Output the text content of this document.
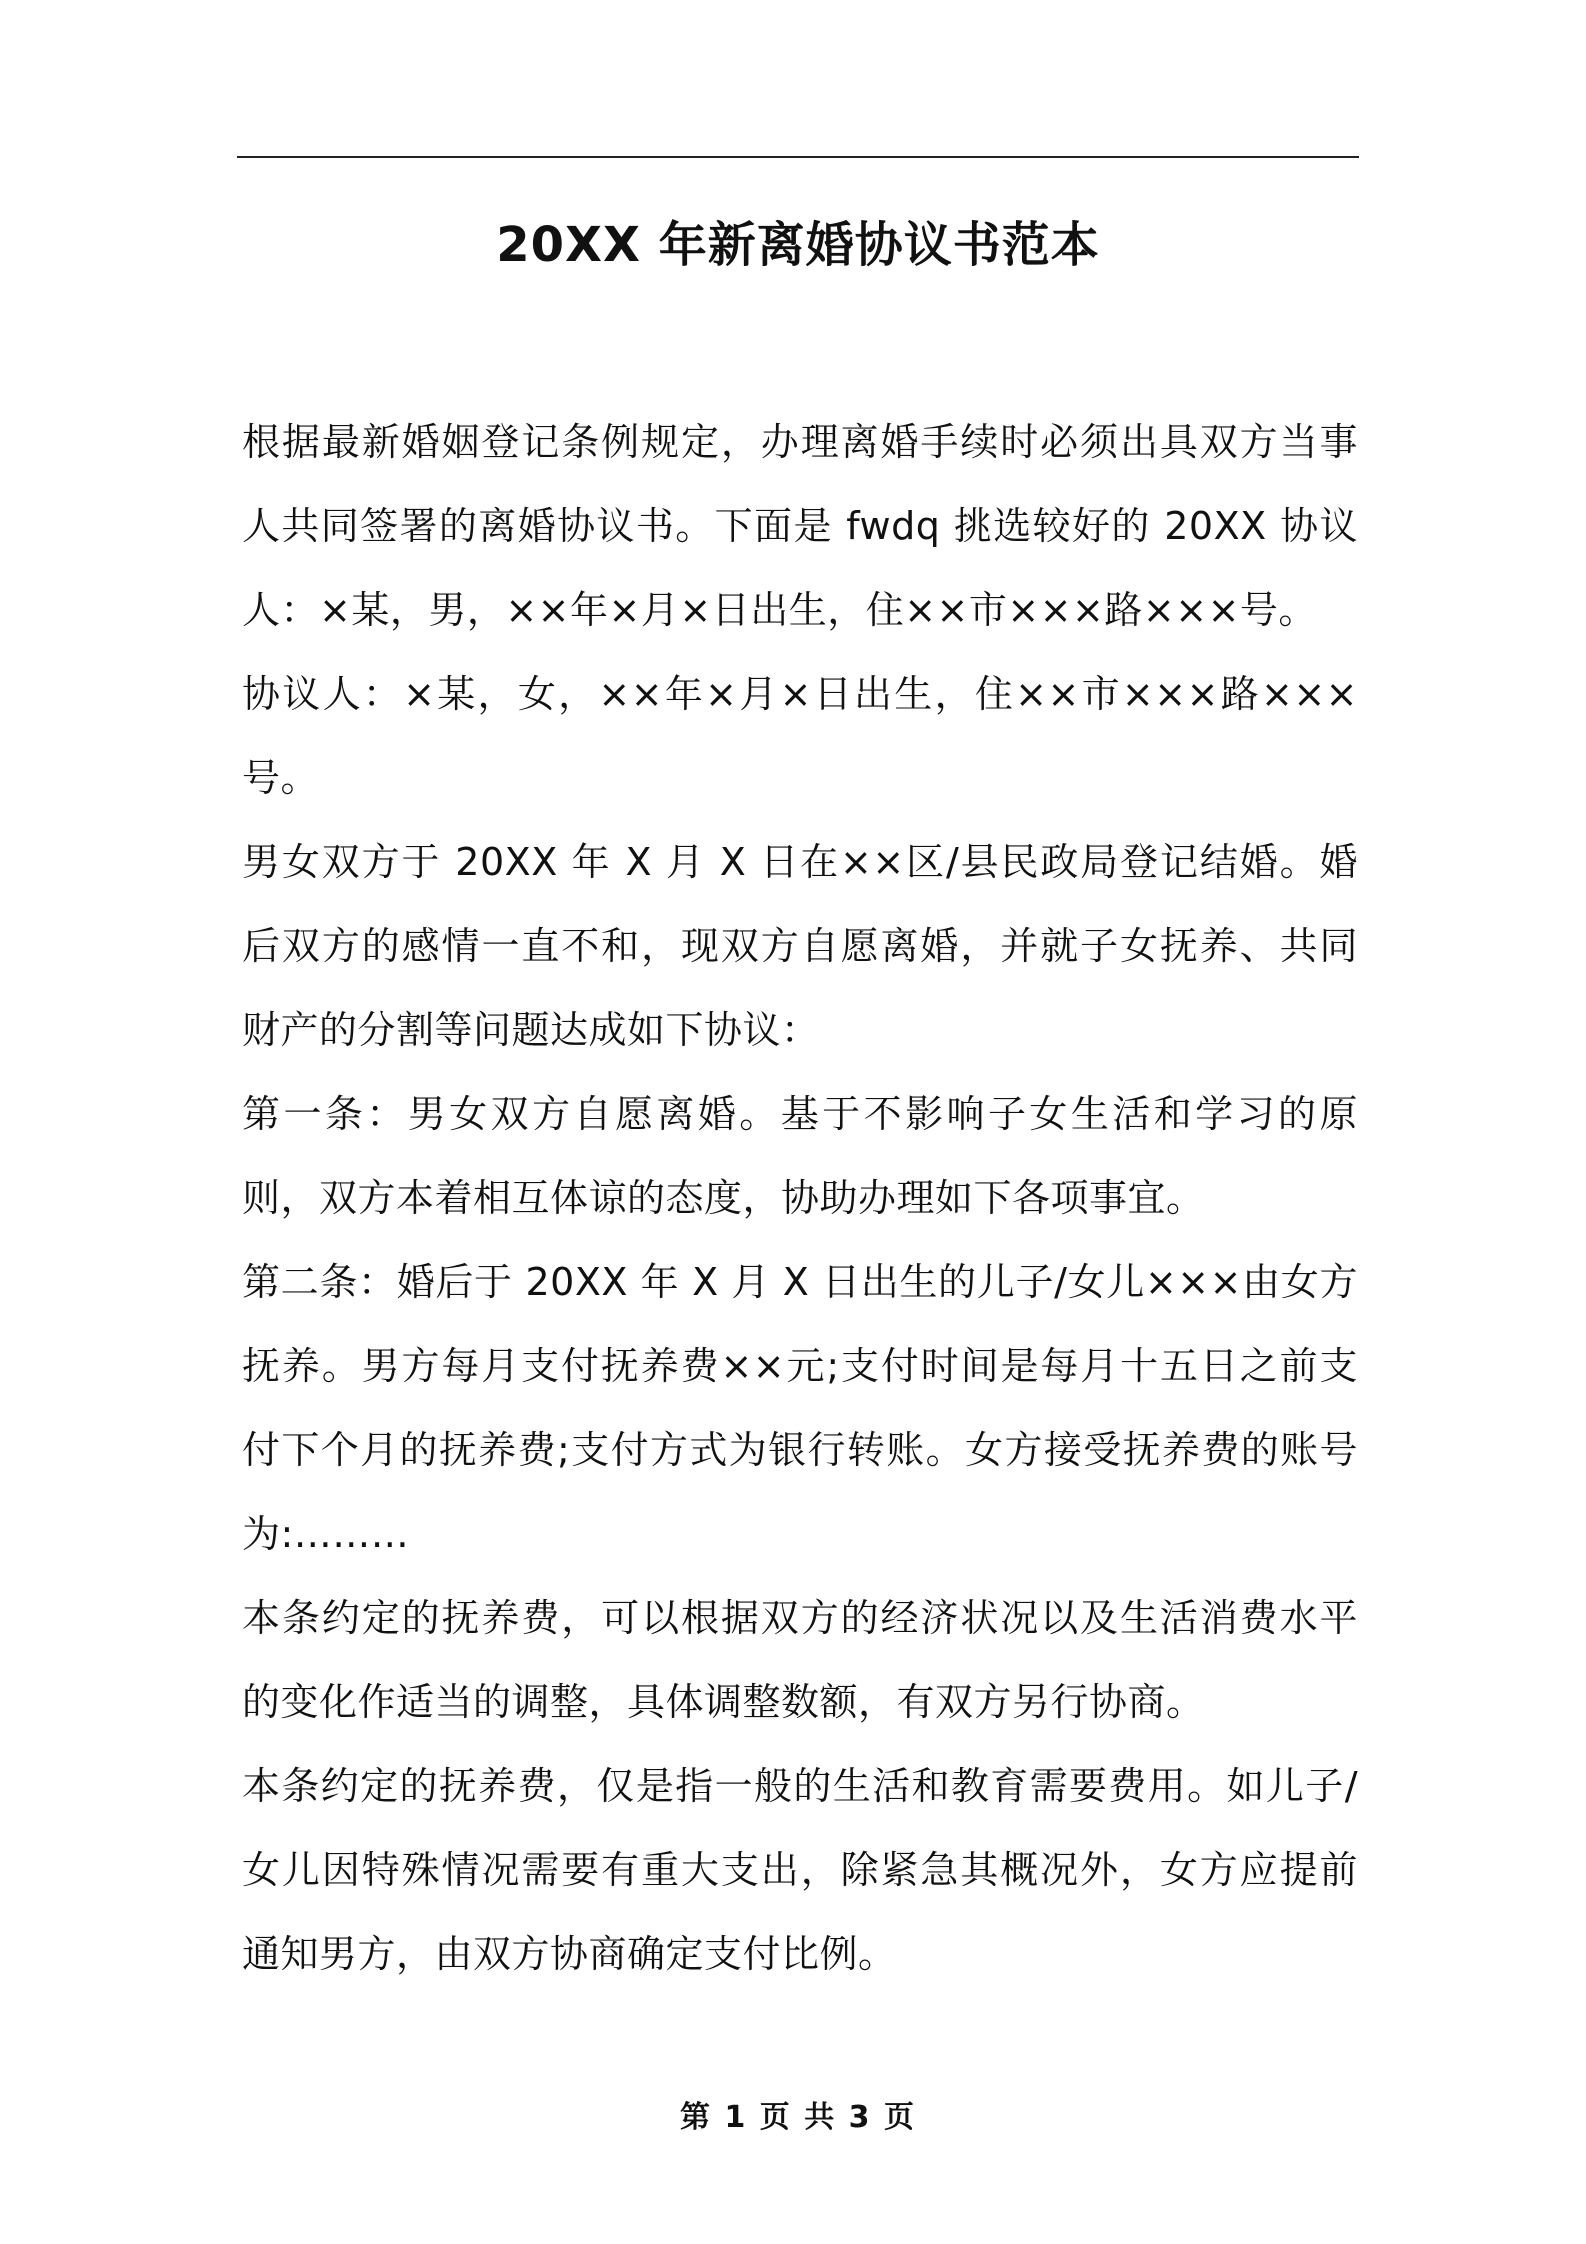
20XX 年新离婚协议书范本

根据最新婚姻登记条例规定，办理离婚手续时必须出具双方当事人共同签署的离婚协议书。下面是 fwdq 挑选较好的 20XX 协议人：×某，男，××年×月×日出生，住××市×××路×××号。

协议人：×某，女，××年×月×日出生，住××市×××路×××号。

男女双方于 20XX 年 X 月 X 日在××区/县民政局登记结婚。婚后双方的感情一直不和，现双方自愿离婚，并就子女抚养、共同财产的分割等问题达成如下协议：

第一条：男女双方自愿离婚。基于不影响子女生活和学习的原则，双方本着相互体谅的态度，协助办理如下各项事宜。

第二条：婚后于 20XX 年 X 月 X 日出生的儿子/女儿×××由女方抚养。男方每月支付抚养费××元;支付时间是每月十五日之前支付下个月的抚养费;支付方式为银行转账。女方接受抚养费的账号为:………

本条约定的抚养费，可以根据双方的经济状况以及生活消费水平的变化作适当的调整，具体调整数额，有双方另行协商。

本条约定的抚养费，仅是指一般的生活和教育需要费用。如儿子/女儿因特殊情况需要有重大支出，除紧急其概况外，女方应提前通知男方，由双方协商确定支付比例。

第 1 页 共 3 页
